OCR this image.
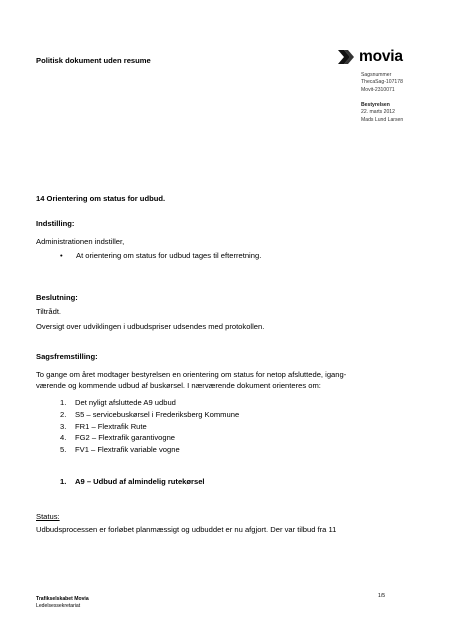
Politisk dokument uden resume	movia
Sagsnummer
ThecaSag-107178
Movit-2310071
Bestyrelsen
22. marts 2012
Mads Lund Larsen
14 Orientering om status for udbud.
Indstilling:
Administrationen indstiller,
•	At orientering om status for udbud tages til efterretning.
Beslutning:
Tiltrådt.
Oversigt over udviklingen i udbudspriser udsendes med protokollen.
Sagsfremstilling:
To gange om året modtager bestyrelsen en orientering om status for netop afsluttede, igang-
værende og kommende udbud af buskørsel. I nærværende dokument orienteres om:
1.	Det nyligt afsluttede A9 udbud
2.	S5 – servicebuskørsel i Frederiksberg Kommune
3.	FR1 – Flextrafik Rute
4.	FG2 – Flextrafik garantivogne
5.	FV1 – Flextrafik variable vogne
1.	A9 – Udbud af almindelig rutekørsel
Status:
Udbudsprocessen er forløbet planmæssigt og udbuddet er nu afgjort. Der var tilbud fra 11
Trafikselskabet Movia
Ledelsessekretariat
1/5
